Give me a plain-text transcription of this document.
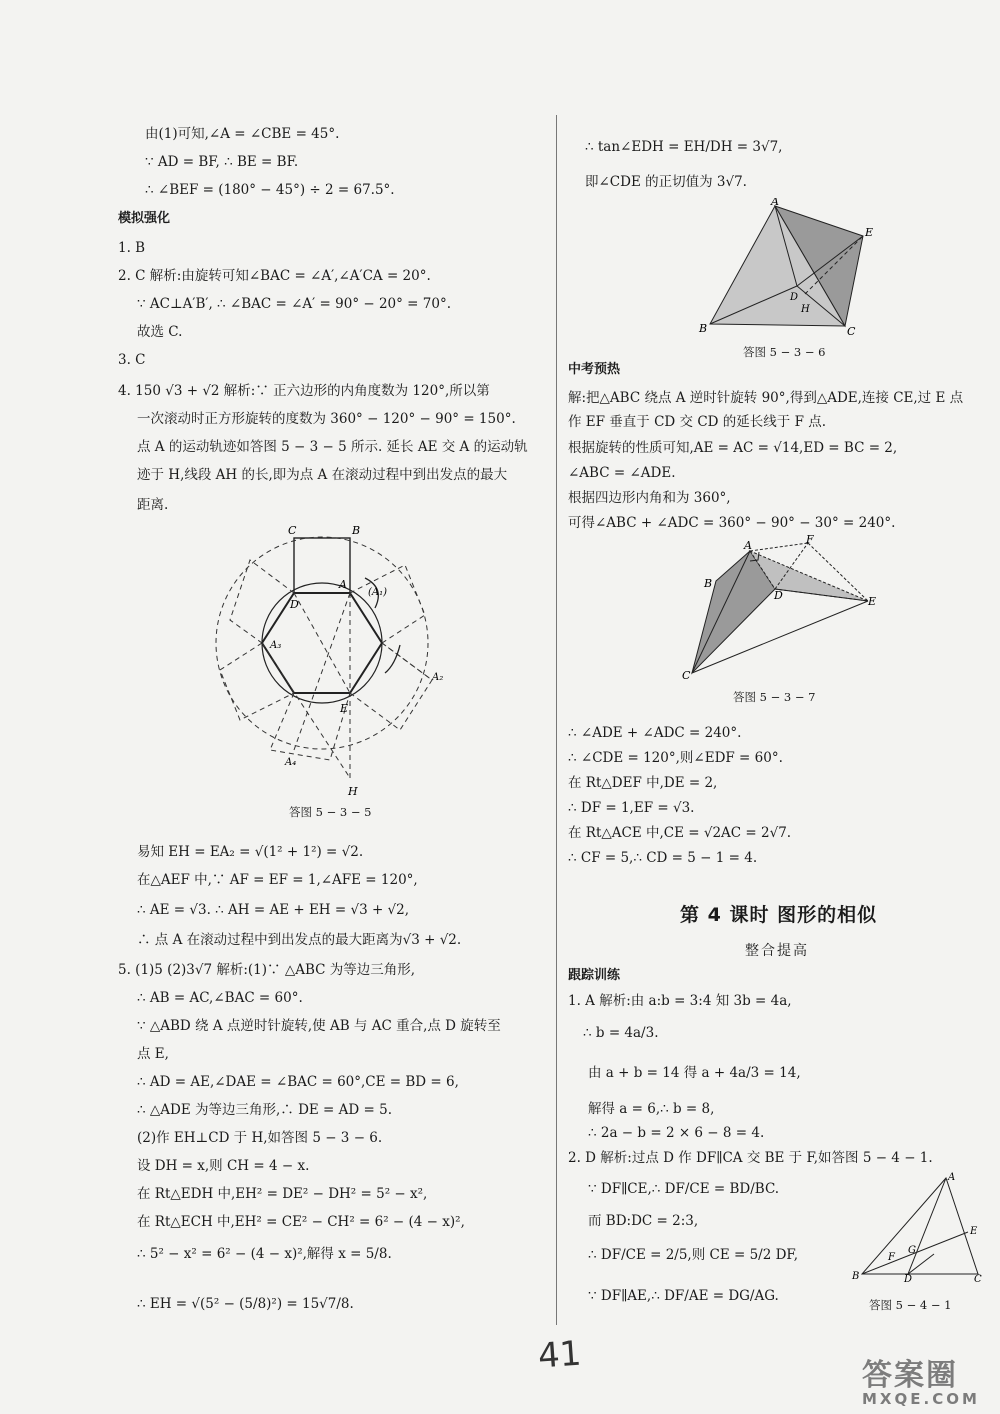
由(1)可知,∠A = ∠CBE = 45°.
∵ AD = BF, ∴ BE = BF.
∴ ∠BEF = (180° − 45°) ÷ 2 = 67.5°.
模拟强化
1. B
2. C 解析:由旋转可知∠BAC = ∠A′,∠A′CA = 20°.
∵ AC⊥A′B′, ∴ ∠BAC = ∠A′ = 90° − 20° = 70°.
故选 C.
3. C
4. 150 √3 + √2 解析:∵ 正六边形的内角度数为 120°,所以第
一次滚动时正方形旋转的度数为 360° − 120° − 90° = 150°.
点 A 的运动轨迹如答图 5 − 3 − 5 所示. 延长 AE 交 A 的运动轨
迹于 H,线段 AH 的长,即为点 A 在滚动过程中到出发点的最大
距离.
易知 EH = EA₂ = √(1² + 1²) = √2.
在△AEF 中,∵ AF = EF = 1,∠AFE = 120°,
∴ AE = √3. ∴ AH = AE + EH = √3 + √2,
∴ 点 A 在滚动过程中到出发点的最大距离为√3 + √2.
5. (1)5 (2)3√7 解析:(1)∵ △ABC 为等边三角形,
∴ AB = AC,∠BAC = 60°.
∵ △ABD 绕 A 点逆时针旋转,使 AB 与 AC 重合,点 D 旋转至
点 E,
∴ AD = AE,∠DAE = ∠BAC = 60°,CE = BD = 6,
∴ △ADE 为等边三角形,∴ DE = AD = 5.
(2)作 EH⊥CD 于 H,如答图 5 − 3 − 6.
设 DH = x,则 CH = 4 − x.
在 Rt△EDH 中,EH² = DE² − DH² = 5² − x²,
在 Rt△ECH 中,EH² = CE² − CH² = 6² − (4 − x)²,
∴ 5² − x² = 6² − (4 − x)²,解得 x = 5/8.
∴ EH = √(5² − (5/8)²) = 15√7/8.
∴ tan∠EDH = EH/DH = 3√7,
即∠CDE 的正切值为 3√7.
中考预热
解:把△ABC 绕点 A 逆时针旋转 90°,得到△ADE,连接 CE,过 E 点
作 EF 垂直于 CD 交 CD 的延长线于 F 点.
根据旋转的性质可知,AE = AC = √14,ED = BC = 2,
∠ABC = ∠ADE.
根据四边形内角和为 360°,
可得∠ABC + ∠ADC = 360° − 90° − 30° = 240°.
∴ ∠ADE + ∠ADC = 240°.
∴ ∠CDE = 120°,则∠EDF = 60°.
在 Rt△DEF 中,DE = 2,
∴ DF = 1,EF = √3.
在 Rt△ACE 中,CE = √2AC = 2√7.
∴ CF = 5,∴ CD = 5 − 1 = 4.
跟踪训练
1. A 解析:由 a:b = 3:4 知 3b = 4a,
∴ b = 4a/3.
由 a + b = 14 得 a + 4a/3 = 14,
解得 a = 6,∴ b = 8,
∴ 2a − b = 2 × 6 − 8 = 4.
2. D 解析:过点 D 作 DF∥CA 交 BE 于 F,如答图 5 − 4 − 1.
∵ DF∥CE,∴ DF/CE = BD/BC.
而 BD:DC = 2:3,
∴ DF/CE = 2/5,则 CE = 5/2 DF,
∵ DF∥AE,∴ DF/AE = DG/AG.
第 4 课时 图形的相似
整合提高
C	B
A
(A₁)
D
A₃
A₂
E
A₄
H
答图 5 − 3 − 5
A
E
D
H
B	C
答图 5 − 3 − 6
A	F
B
D	E
C
答图 5 − 3 − 7
A
E
F
G
B	D	C
答图 5 − 4 − 1
41	答案圈
MXQE.COM
